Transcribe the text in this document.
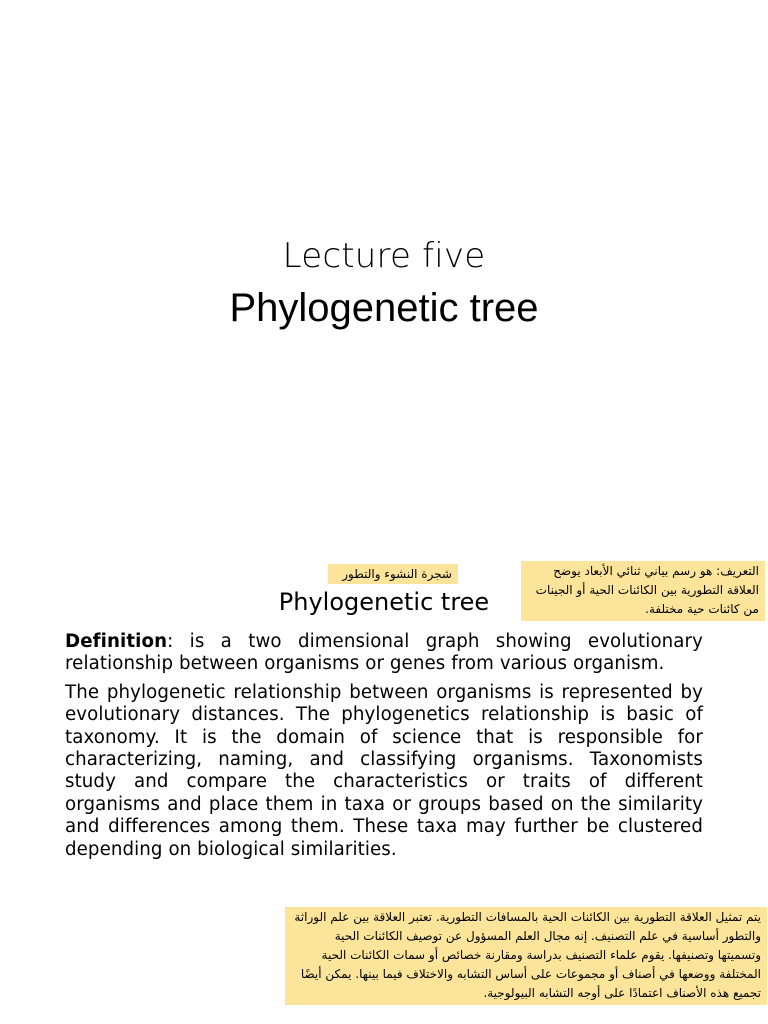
Lecture five
Phylogenetic tree
شجرة النشوء والتطور	التعريف: هو رسم بياني ثنائي الأبعاد يوضح العلاقة التطورية بين الكائنات الحية أو الجينات من كائنات حية مختلفة.
Phylogenetic tree

Definition: is a two dimensional graph showing evolutionary relationship between organisms or genes from various organism.

The phylogenetic relationship between organisms is represented by evolutionary distances. The phylogenetics relationship is basic of taxonomy. It is the domain of science that is responsible for characterizing, naming, and classifying organisms. Taxonomists study and compare the characteristics or traits of different organisms and place them in taxa or groups based on the similarity and differences among them. These taxa may further be clustered depending on biological similarities.

يتم تمثيل العلاقة التطورية بين الكائنات الحية بالمسافات التطورية. تعتبر العلاقة بين علم الوراثة والتطور أساسية في علم التصنيف. إنه مجال العلم المسؤول عن توصيف الكائنات الحية وتسميتها وتصنيفها. يقوم علماء التصنيف بدراسة ومقارنة خصائص أو سمات الكائنات الحية المختلفة ووضعها في أصناف أو مجموعات على أساس التشابه والاختلاف فيما بينها. يمكن أيضًا تجميع هذه الأصناف اعتمادًا على أوجه التشابه البيولوجية.
